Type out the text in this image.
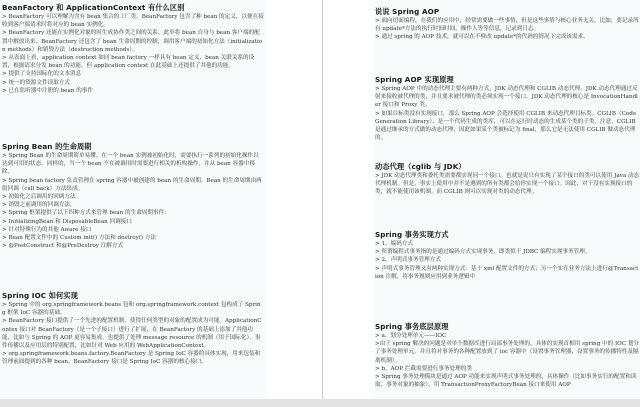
BeanFactory 和 ApplicationContext 有什么区别

> BeanFactory 可以理解为含有 bean 集合的工厂类。BeanFactory 包含了种 bean 的定义，以便在接收到客户端请求时将对应的 bean 实例化。

> BeanFactory 还能在实例化对象的时生成协作类之间的关系。此举将 bean 自身与 bean 客户端的配置中解放出来。BeanFactory 还包含了 bean 生命周期的控制，调用客户端的初始化方法（initialization methods）和销毁方法（destruction methods）。

> 从表面上看，application context 如同 bean factory 一样具有 bean 定义、bean 关联关系的设置，根据请求分发 bean 的功能。但 application context 在此基础上还提供了其他的功能。

> 提供了支持国际化的文本消息

> 统一的资源文件读取方式

> 已在监听器中注册的 bean 的事件

Spring Bean 的生命周期

> Spring Bean 的生命周期简单易懂。在一个 bean 实例被初始化时，需要执行一系列的初始化操作以达到可用的状态。同样的，当一个 bean 不在被调用时需要进行相关的析构操作，并从 bean 容器中移除。

> Spring bean factory 负责管理在 spring 容器中被创建的 bean 的生命周期。Bean 的生命周期由两组回调（call back）方法组成。

> 初始化之后调用的回调方法。

> 销毁之前调用的回调方法。

> Spring 框架提供了以下四种方式来管理 bean 的生命周期事件：

> InitializingBean 和 DisposableBean 回调接口

> 针对特殊行为的其他 Aware 接口

> Bean 配置文件中的 Custom init() 方法和 destroy() 方法

> @PostConstruct 和@PreDestroy 注解方式

Spring IOC 如何实现

> Spring 中的 org.springframework.beans 包和 org.springframework.context 包构成了 Spring 框架 IoC 容器的基础。

> BeanFactory 接口提供了一个先进的配置机制，使得任何类型的对象的配置成为可能。ApplicationContex 接口对 BeanFactory（是一个子接口）进行了扩展，在 BeanFactory 的基础上添加了其他功能，比如与 Spring 的 AOP 更容易集成，也提供了处理 message resource 的机制（用于国际化）、事件传播以及应用层的特别配置，比如针对 Web 应用的 WebApplicationContext。

> org.springframework.beans.factory.BeanFactory 是 Spring IoC 容器的具体实现，用来包装和管理前面提到的各种 bean。BeanFactory 接口是 Spring IoC 容器的核心接口。

说说 Spring AOP

> 面向切面编程，在我们的应用中，经常需要做一些事情，但是这些事情与核心业务无关，比如，要记录所有 update*方法的执行时间时间，操作人等等信息，记录到日志。

> 通过 spring 的 AOP 技术，就可以在不修改 update*的代码的情况下完成该需求。

Spring AOP 实现原理

> Spring AOP 中的动态代理主要有两种方式，JDK 动态代理和 CGLIB 动态代理。JDK 动态代理通过反射来接收被代理的类，并且要求被代理的类必须实现一个接口。JDK 动态代理的核心是 InvocationHandler 接口和 Proxy 类。

> 如果目标类没有实现接口，那么 Spring AOP 会选择使用 CGLIB 来动态代理目标类。CGLIB（Code Generation Library），是一个代码生成的类库，可以在运行时动态的生成某个类的子类，注意，CGLIB 是通过继承的方式做的动态代理，因此如果某个类被标记为 final，那么它是无法使用 CGLIB 做动态代理的。

动态代理（cglib 与 JDK）

> JDK 动态代理类和委托类需要都实现同一个接口。也就是说只有实现了某个接口的类可以使用 Java 动态代理机制。但是，事实上使用中并不是遇到的所有类都会给你实现一个接口。因此，对于没有实现接口的类，就不能使用该机制。而 CGLIB 则可以实现对类的动态代理。

Spring 事务实现方式

> 1、编码方式

> 所谓编程式事务指的是通过编码方式实现事务，即类似于 JDBC 编程实现事务管理。

> 2、声明式事务管理方式

> 声明式事务管理又有两种实现方式：基于 xml 配置文件的方式；另一个实在业务方法上进行@Transaction 注解，将事务规则应用到业务逻辑中

Spring 事务底层原理

> a、划分处理单元——IOC

>由于 spring 解决的问题是对单个数据库进行局部事务处理的，具体的实现首相用 spring 中的 IOC 划分了事务处理单元。并且将对事务的各种配置放到了 ioc 容器中（设置事务管理器，设置事务的传播特性及隔离机制）。

> b、AOP 拦截需要进行事务处理的类

> Spring 事务处理模块是通过 AOP 功能来实现声明式事务处理的，具体操作（比如事务实行的配置和读取，事务对象的抽象），用 TransactionProxyFactoryBean 接口来使用 AOP
